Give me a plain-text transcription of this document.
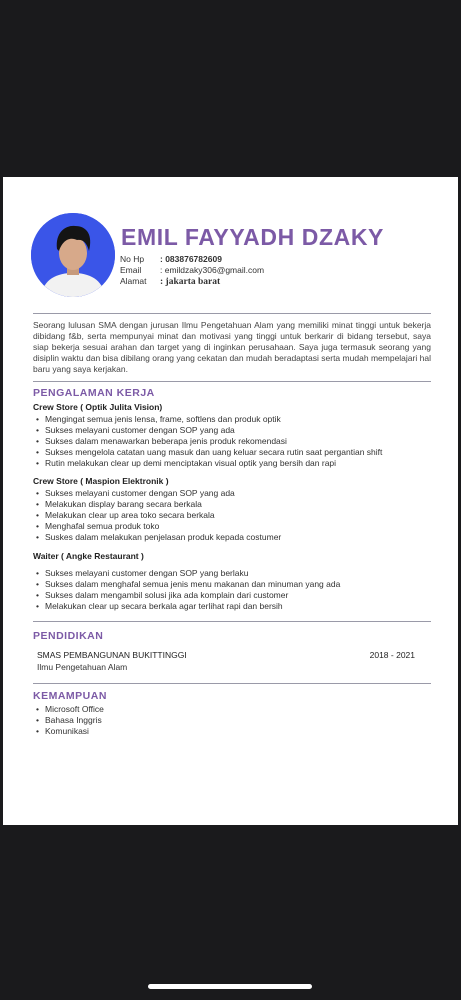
EMIL FAYYADH DZAKY
No Hp	: 083876782609
Email	: emildzaky306@gmail.com
Alamat	: jakarta barat

Seorang lulusan SMA dengan jurusan Ilmu Pengetahuan Alam yang memiliki minat tinggi untuk bekerja dibidang f&b, serta mempunyai minat dan motivasi yang tinggi untuk berkarir di bidang tersebut, saya siap bekerja sesuai arahan dan target yang di inginkan perusahaan. Saya juga termasuk seorang yang disiplin waktu dan bisa dibilang orang yang cekatan dan mudah beradaptasi serta mudah mempelajari hal baru yang saya kerjakan.

PENGALAMAN KERJA
Crew Store ( Optik Julita Vision)
• Mengingat semua jenis lensa, frame, softlens dan produk optik
• Sukses melayani customer dengan SOP yang ada
• Sukses dalam menawarkan beberapa jenis produk rekomendasi
• Sukses mengelola catatan uang masuk dan uang keluar secara rutin saat pergantian shift
• Rutin melakukan clear up demi menciptakan visual optik yang bersih dan rapi
Crew Store ( Maspion Elektronik )
• Sukses melayani customer dengan SOP yang ada
• Melakukan display barang secara berkala
• Melakukan clear up area toko secara berkala
• Menghafal semua produk toko
• Suskes dalam melakukan penjelasan produk kepada costumer
Waiter ( Angke Restaurant )
• Sukses melayani customer dengan SOP yang berlaku
• Sukses dalam menghafal semua jenis menu makanan dan minuman yang ada
• Sukses dalam mengambil solusi jika ada komplain dari customer
• Melakukan clear up secara berkala agar terlihat rapi dan bersih
PENDIDIKAN
SMAS PEMBANGUNAN BUKITTINGGI	2018 - 2021
Ilmu Pengetahuan Alam
KEMAMPUAN
• Microsoft Office
• Bahasa Inggris
• Komunikasi
